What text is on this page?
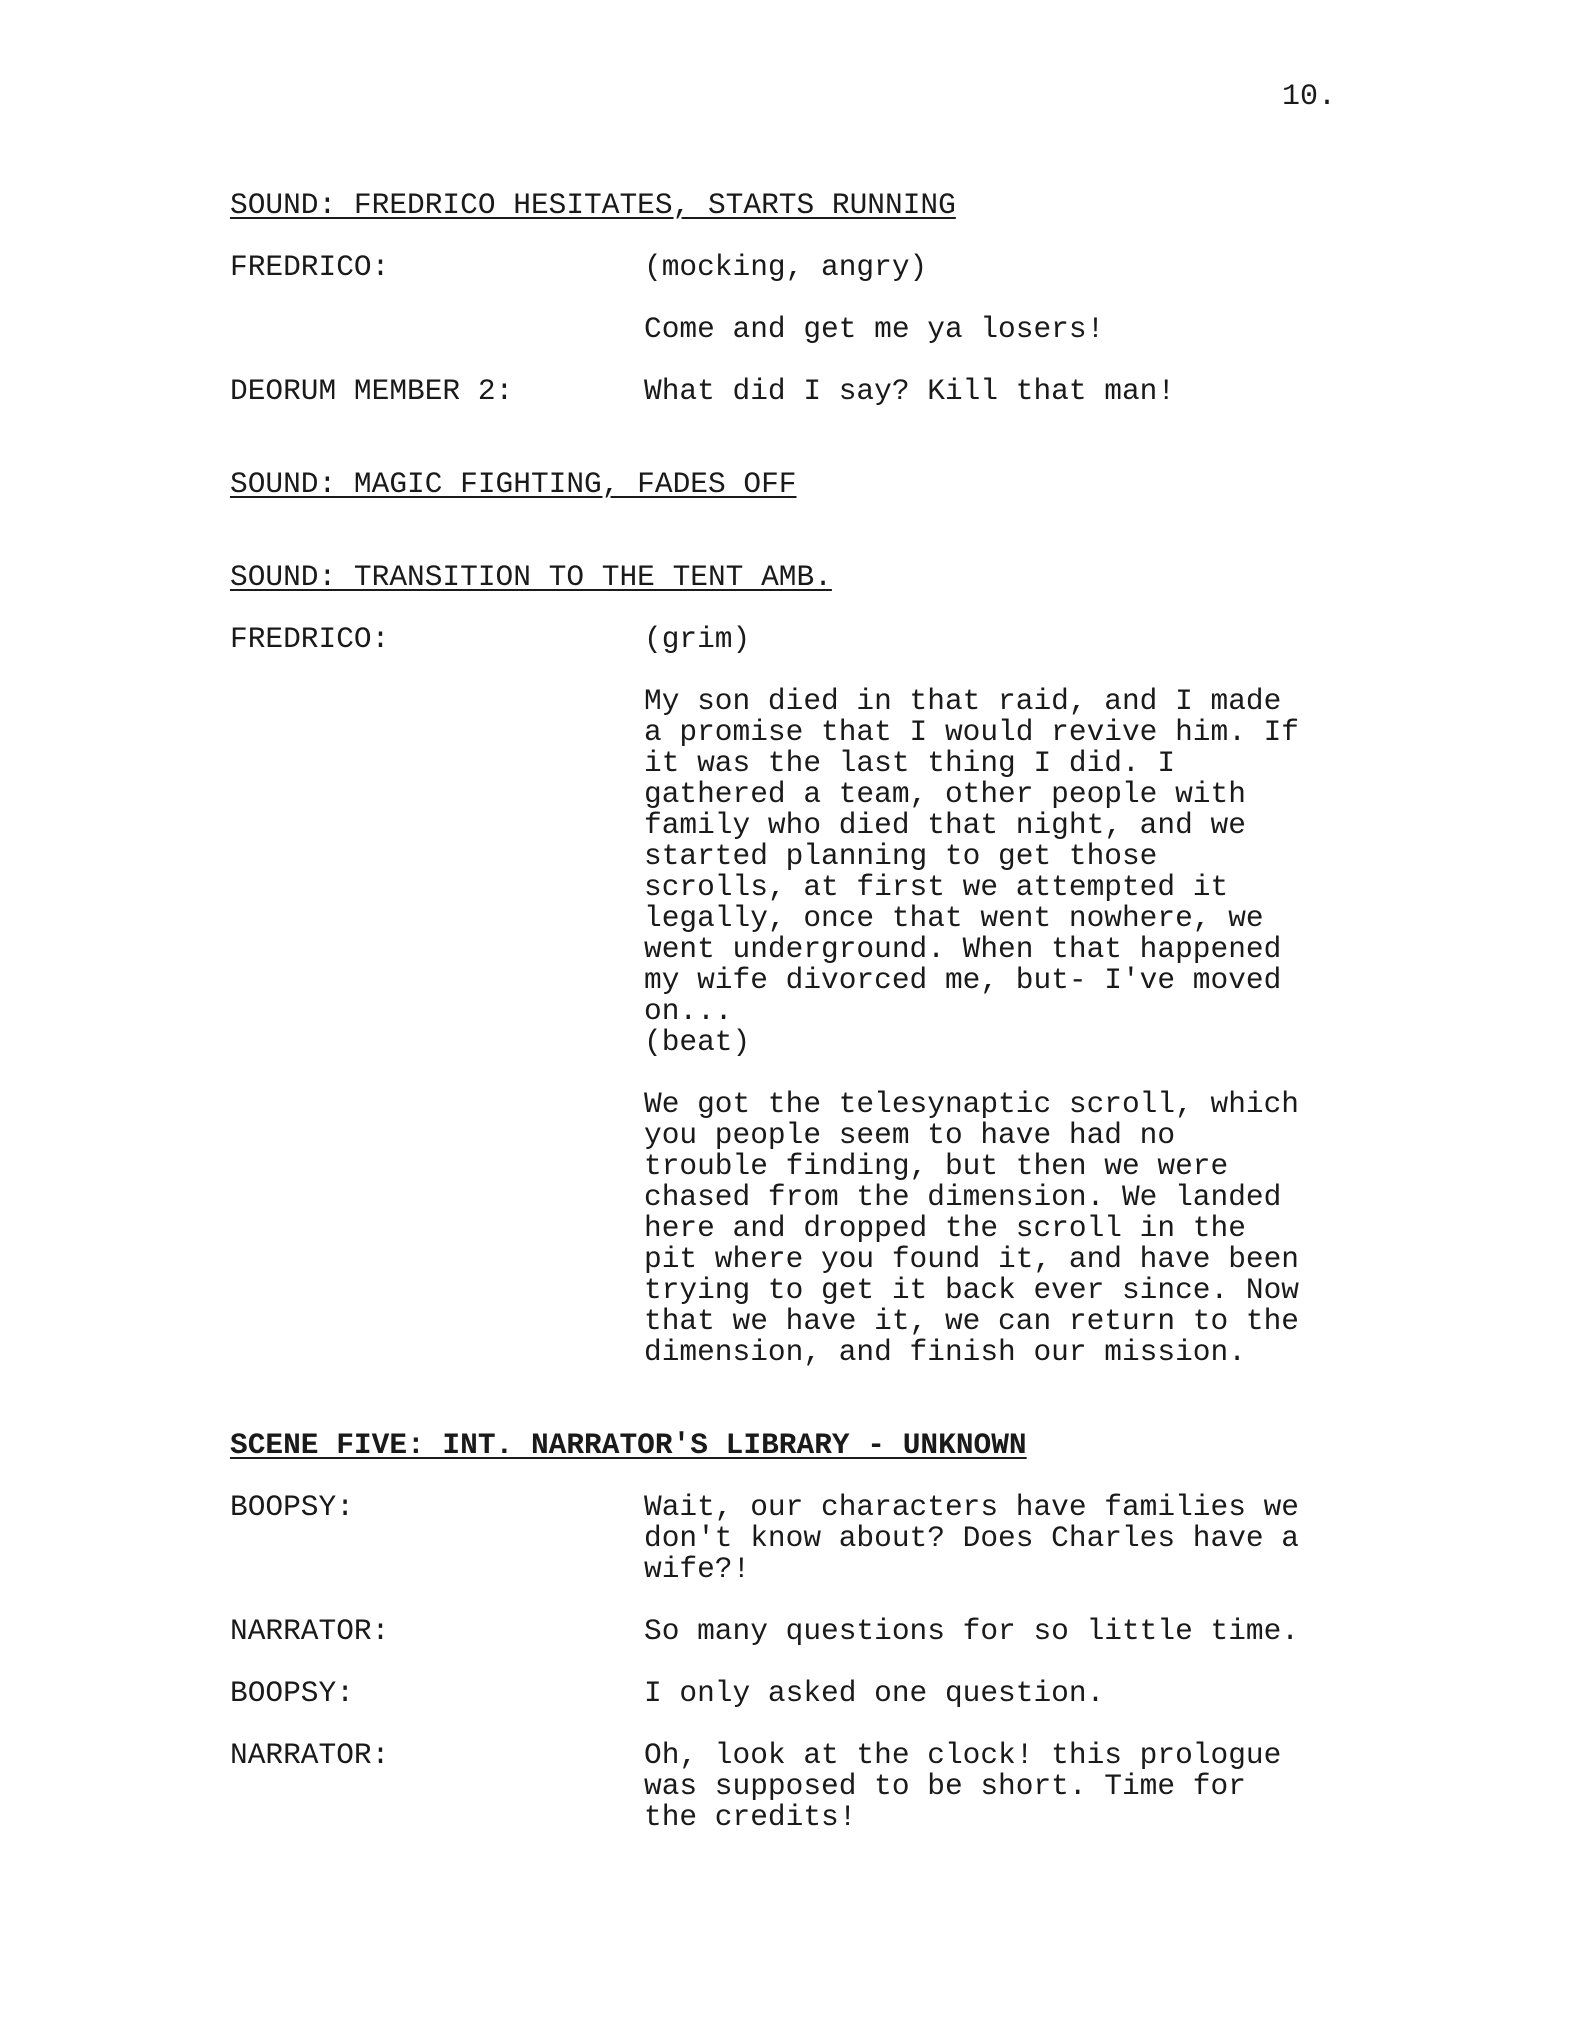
10.
SOUND: FREDRICO HESITATES, STARTS RUNNING
FREDRICO:	(mocking, angry)
Come and get me ya losers!
DEORUM MEMBER 2:	What did I say? Kill that man!
SOUND: MAGIC FIGHTING, FADES OFF
SOUND: TRANSITION TO THE TENT AMB.
FREDRICO:	(grim)
My son died in that raid, and I made
a promise that I would revive him. If
it was the last thing I did. I
gathered a team, other people with
family who died that night, and we
started planning to get those
scrolls, at first we attempted it
legally, once that went nowhere, we
went underground. When that happened
my wife divorced me, but- I've moved
on...
(beat)
We got the telesynaptic scroll, which
you people seem to have had no
trouble finding, but then we were
chased from the dimension. We landed
here and dropped the scroll in the
pit where you found it, and have been
trying to get it back ever since. Now
that we have it, we can return to the
dimension, and finish our mission.
SCENE FIVE: INT. NARRATOR'S LIBRARY - UNKNOWN
BOOPSY:	Wait, our characters have families we
don't know about? Does Charles have a
wife?!
NARRATOR:	So many questions for so little time.
BOOPSY:	I only asked one question.
NARRATOR:	Oh, look at the clock! this prologue
was supposed to be short. Time for
the credits!
